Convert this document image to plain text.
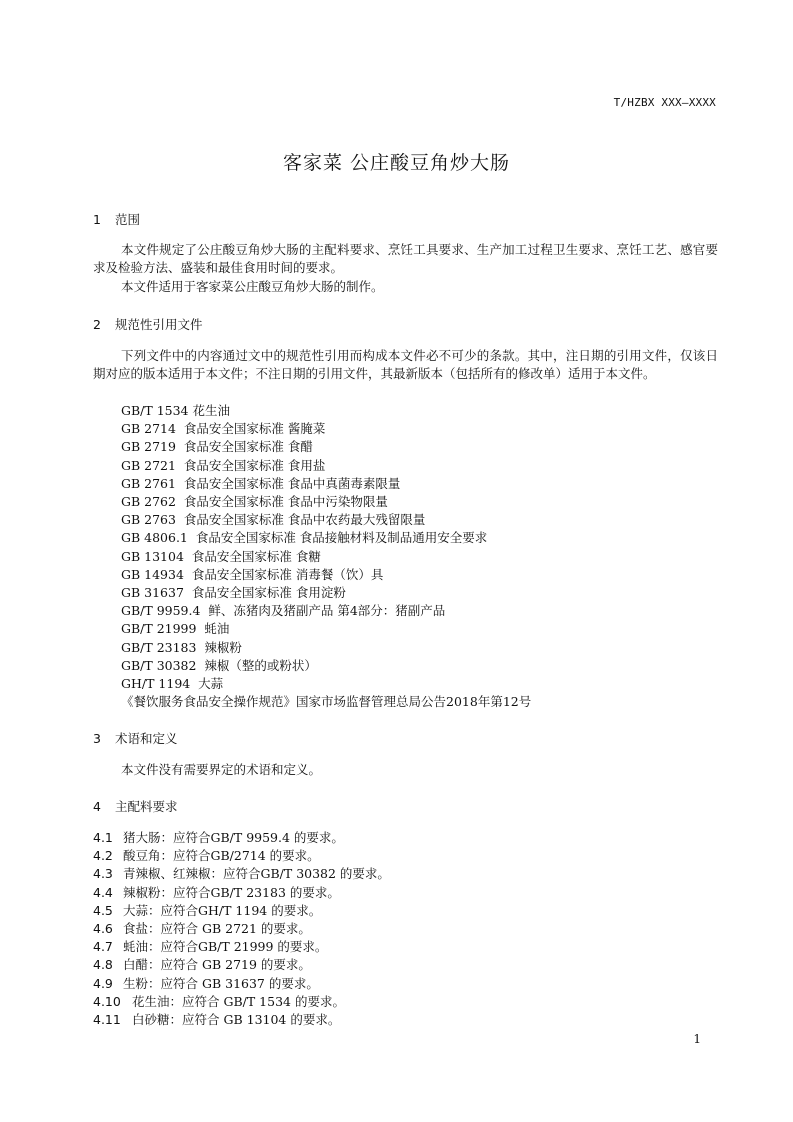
T/HZBX XXX—XXXX
客家菜 公庄酸豆角炒大肠
1 范围
本文件规定了公庄酸豆角炒大肠的主配料要求、烹饪工具要求、生产加工过程卫生要求、烹饪工艺、感官要求及检验方法、盛装和最佳食用时间的要求。
本文件适用于客家菜公庄酸豆角炒大肠的制作。
2 规范性引用文件
下列文件中的内容通过文中的规范性引用而构成本文件必不可少的条款。其中，注日期的引用文件，仅该日期对应的版本适用于本文件；不注日期的引用文件，其最新版本（包括所有的修改单）适用于本文件。
GB/T 1534 花生油
GB 2714  食品安全国家标准 酱腌菜
GB 2719  食品安全国家标准 食醋
GB 2721  食品安全国家标准 食用盐
GB 2761  食品安全国家标准 食品中真菌毒素限量
GB 2762  食品安全国家标准 食品中污染物限量
GB 2763  食品安全国家标准 食品中农药最大残留限量
GB 4806.1  食品安全国家标准 食品接触材料及制品通用安全要求
GB 13104  食品安全国家标准 食糖
GB 14934  食品安全国家标准 消毒餐（饮）具
GB 31637  食品安全国家标准 食用淀粉
GB/T 9959.4  鲜、冻猪肉及猪副产品 第4部分：猪副产品
GB/T 21999  蚝油
GB/T 23183  辣椒粉
GB/T 30382  辣椒（整的或粉状）
GH/T 1194  大蒜
《餐饮服务食品安全操作规范》国家市场监督管理总局公告2018年第12号
3 术语和定义
本文件没有需要界定的术语和定义。
4 主配料要求
4.1 猪大肠：应符合GB/T 9959.4 的要求。
4.2 酸豆角：应符合GB/2714 的要求。
4.3 青辣椒、红辣椒：应符合GB/T 30382 的要求。
4.4 辣椒粉：应符合GB/T 23183 的要求。
4.5 大蒜：应符合GH/T 1194 的要求。
4.6 食盐：应符合 GB 2721 的要求。
4.7 蚝油：应符合GB/T 21999 的要求。
4.8 白醋：应符合 GB 2719 的要求。
4.9 生粉：应符合 GB 31637 的要求。
4.10 花生油：应符合 GB/T 1534 的要求。
4.11 白砂糖：应符合 GB 13104 的要求。
1
